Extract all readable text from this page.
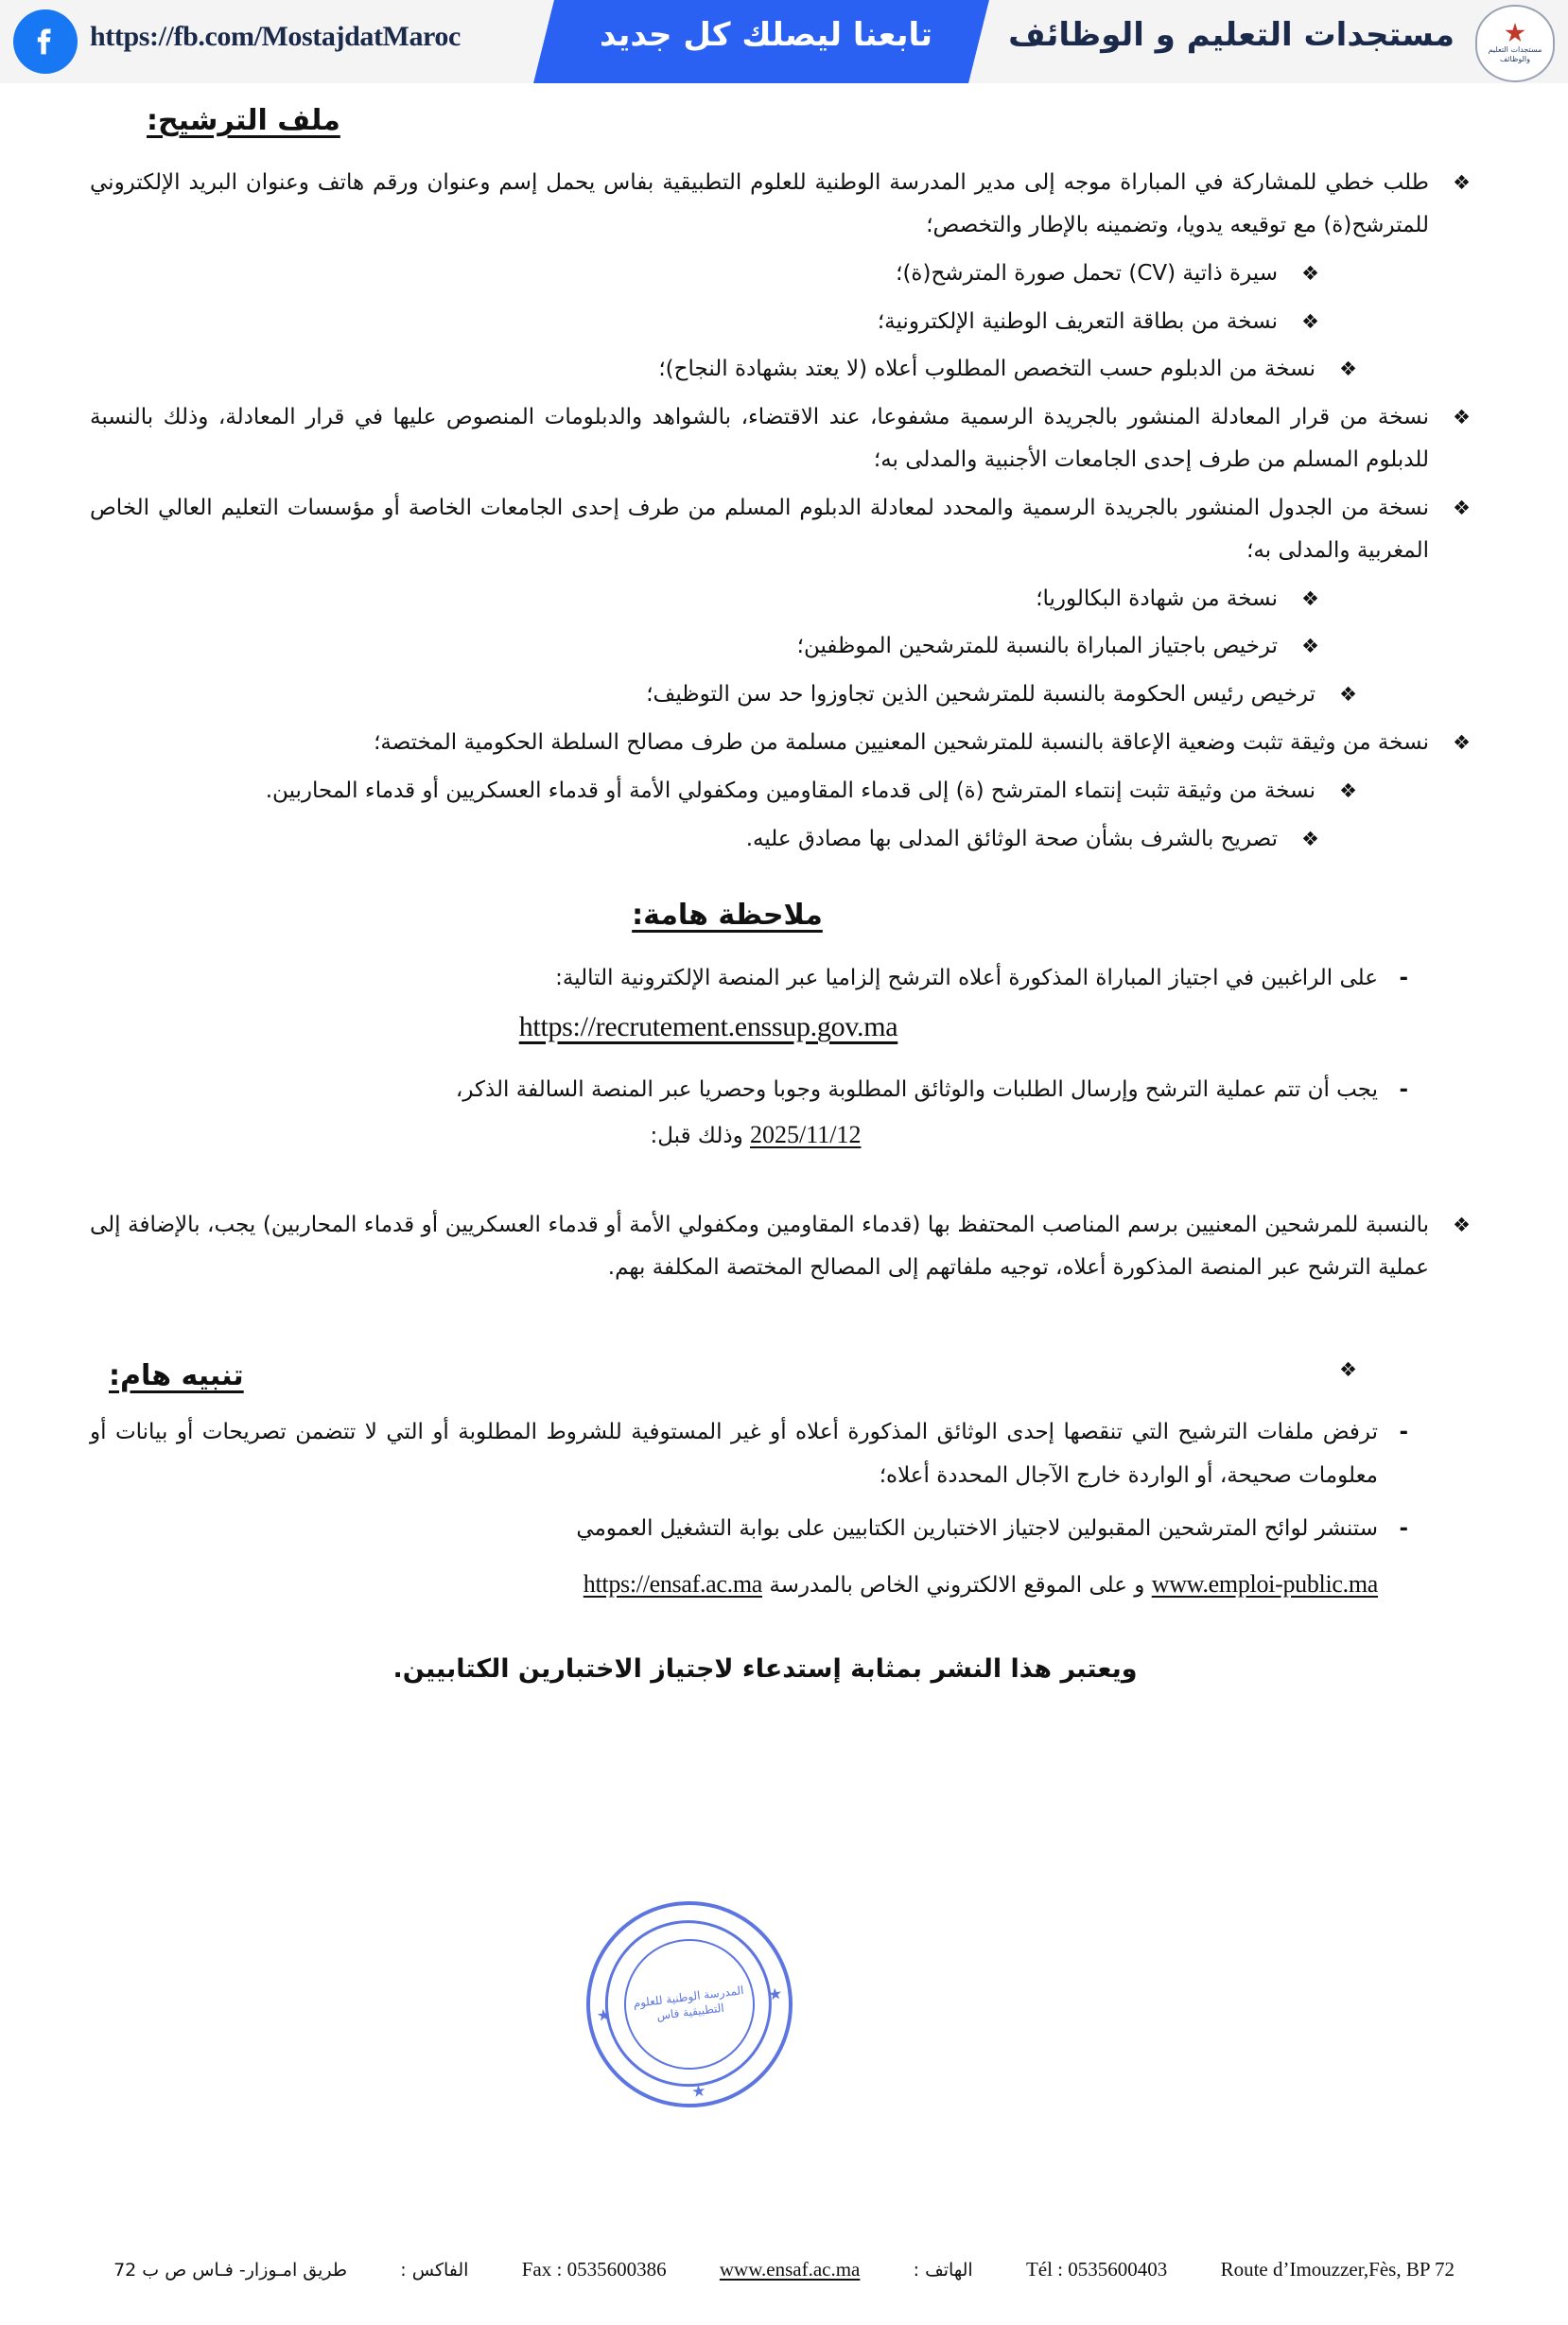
https://fb.com/MostajdatMaroc	تابعنا ليصلك كل جديد	مستجدات التعليم و الوظائف	مستجدات التعليم والوظائف
ملف الترشيح:
❖ طلب خطي للمشاركة في المباراة موجه إلى مدير المدرسة الوطنية للعلوم التطبيقية بفاس يحمل إسم وعنوان ورقم هاتف وعنوان البريد الإلكتروني للمترشح(ة) مع توقيعه يدويا، وتضمينه بالإطار والتخصص؛
❖ سيرة ذاتية (CV) تحمل صورة المترشح(ة)؛
❖ نسخة من بطاقة التعريف الوطنية الإلكترونية؛
❖ نسخة من الدبلوم حسب التخصص المطلوب أعلاه (لا يعتد بشهادة النجاح)؛
❖ نسخة من قرار المعادلة المنشور بالجريدة الرسمية مشفوعا، عند الاقتضاء، بالشواهد والدبلومات المنصوص عليها في قرار المعادلة، وذلك بالنسبة للدبلوم المسلم من طرف إحدى الجامعات الأجنبية والمدلى به؛
❖ نسخة من الجدول المنشور بالجريدة الرسمية والمحدد لمعادلة الدبلوم المسلم من طرف إحدى الجامعات الخاصة أو مؤسسات التعليم العالي الخاص المغربية والمدلى به؛
❖ نسخة من شهادة البكالوريا؛
❖ ترخيص باجتياز المباراة بالنسبة للمترشحين الموظفين؛
❖ ترخيص رئيس الحكومة بالنسبة للمترشحين الذين تجاوزوا حد سن التوظيف؛
❖ نسخة من وثيقة تثبت وضعية الإعاقة بالنسبة للمترشحين المعنيين مسلمة من طرف مصالح السلطة الحكومية المختصة؛
❖ نسخة من وثيقة تثبت إنتماء المترشح (ة) إلى قدماء المقاومين ومكفولي الأمة أو قدماء العسكريين أو قدماء المحاربين.
❖ تصريح بالشرف بشأن صحة الوثائق المدلى بها مصادق عليه.
ملاحظة هامة:
- على الراغبين في اجتياز المباراة المذكورة أعلاه الترشح إلزاميا عبر المنصة الإلكترونية التالية:
https://recrutement.enssup.gov.ma
- يجب أن تتم عملية الترشح وإرسال الطلبات والوثائق المطلوبة وجوبا وحصريا عبر المنصة السالفة الذكر،
2025/11/12 وذلك قبل:
❖ بالنسبة للمرشحين المعنيين برسم المناصب المحتفظ بها (قدماء المقاومين ومكفولي الأمة أو قدماء العسكريين أو قدماء المحاربين) يجب، بالإضافة إلى عملية الترشح عبر المنصة المذكورة أعلاه، توجيه ملفاتهم إلى المصالح المختصة المكلفة بهم.
❖ تنبيه هام:
- ترفض ملفات الترشيح التي تنقصها إحدى الوثائق المذكورة أعلاه أو غير المستوفية للشروط المطلوبة أو التي لا تتضمن تصريحات أو بيانات أو معلومات صحيحة، أو الواردة خارج الآجال المحددة أعلاه؛
- ستنشر لوائح المترشحين المقبولين لاجتياز الاختبارين الكتابيين على بوابة التشغيل العمومي
www.emploi-public.ma و على الموقع الالكتروني الخاص بالمدرسة https://ensaf.ac.ma
ويعتبر هذا النشر بمثابة إستدعاء لاجتياز الاختبارين الكتابيين.
المدرسة الوطنية للعلوم التطبيقية فاس
★
★
★
Route d’Imouzzer,Fès, BP 72
Tél : 0535600403
الهاتف :
www.ensaf.ac.ma
Fax : 0535600386
الفاكس :
طريق امـوزار- فـاس ص ب 72
